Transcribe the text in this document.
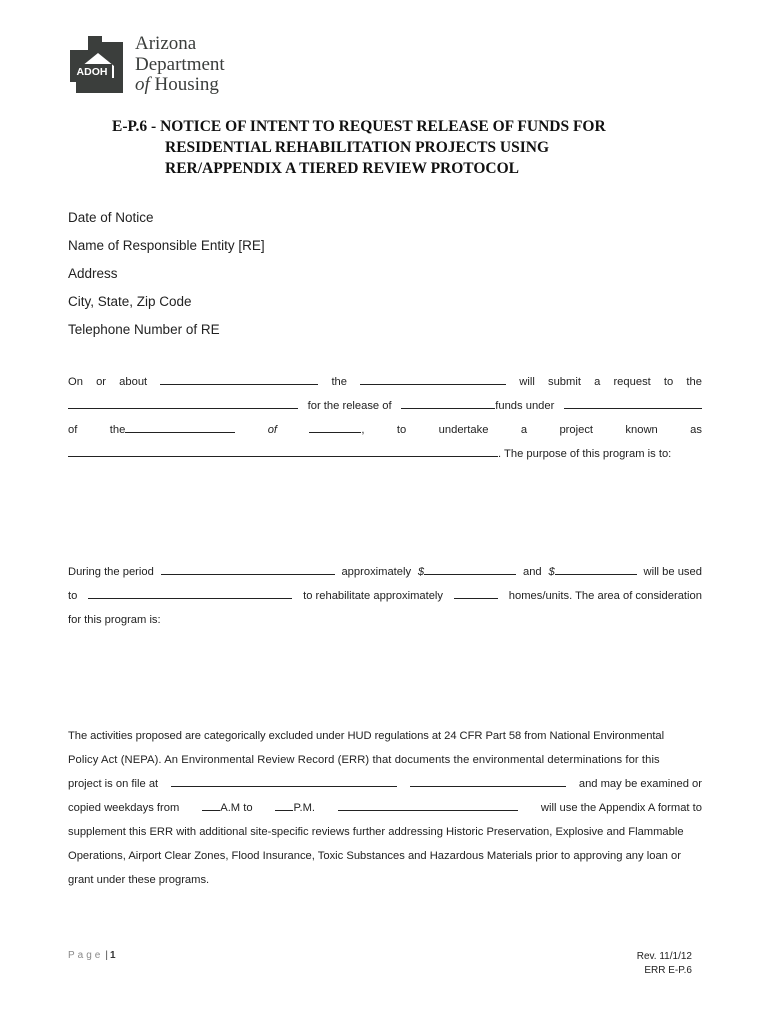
ADOH
Arizona
Department
of Housing
E-P.6 - NOTICE OF INTENT TO REQUEST RELEASE OF FUNDS FOR
RESIDENTIAL REHABILITATION PROJECTS USING
RER/APPENDIX A TIERED REVIEW PROTOCOL
Date of Notice
Name of Responsible Entity [RE]
Address
City, State, Zip Code
Telephone Number of RE
On or about	the	will submit a request to the
for the release of	funds under
of	the	of	,	to	undertake	a	project	known	as
. The purpose of this program is to:
During the period	approximately $	and $	will be used
to	to rehabilitate approximately	homes/units. The area of consideration
for this program is:
The activities proposed are categorically excluded under HUD regulations at 24 CFR Part 58 from National Environmental
Policy Act (NEPA). An Environmental Review Record (ERR) that documents the environmental determinations for this
project is on file at	and may be examined or
copied weekdays from	A.M to	P.M.	will use the Appendix A format to
supplement this ERR with additional site-specific reviews further addressing Historic Preservation, Explosive and Flammable
Operations, Airport Clear Zones, Flood Insurance, Toxic Substances and Hazardous Materials prior to approving any loan or
grant under these programs.
Page | 1	Rev. 11/1/12
ERR E-P.6
